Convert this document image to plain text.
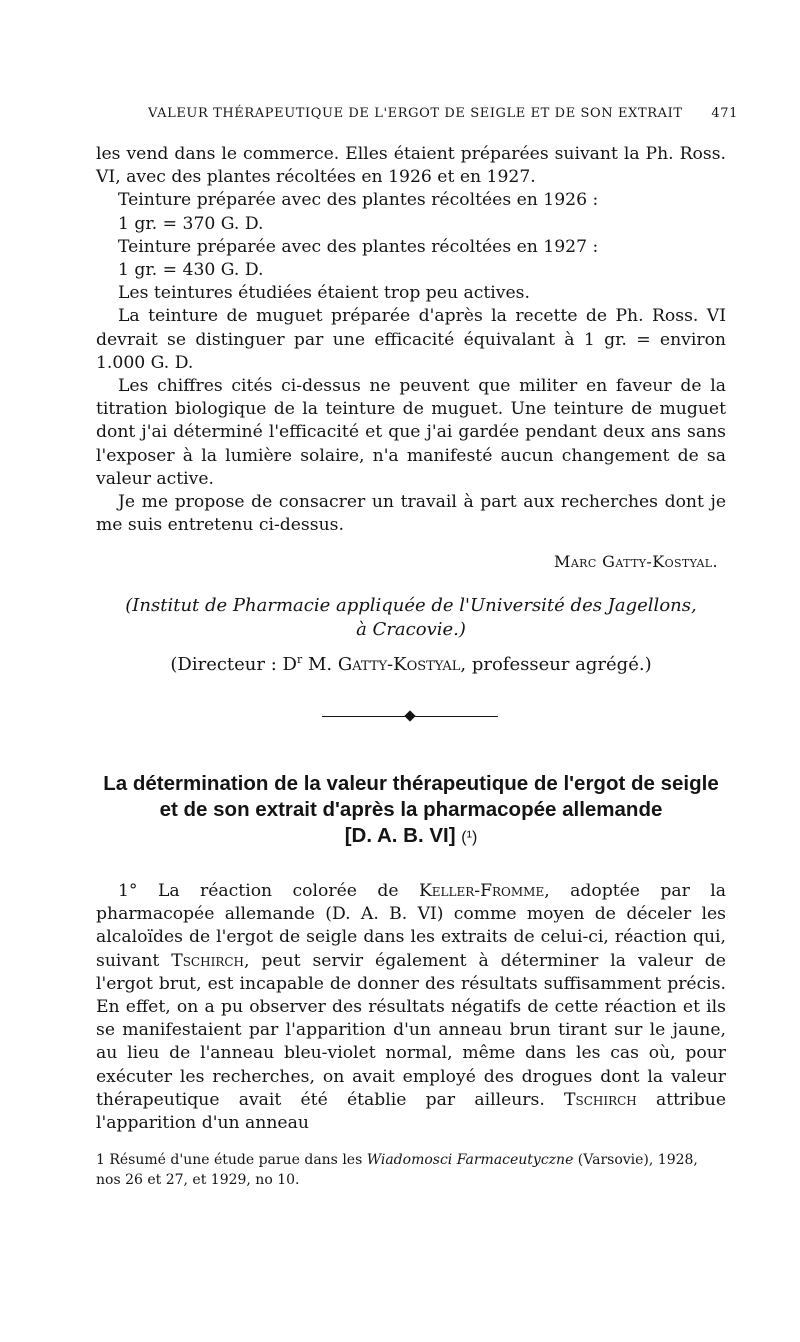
VALEUR THÉRAPEUTIQUE DE L'ERGOT DE SEIGLE ET DE SON EXTRAIT 471

les vend dans le commerce. Elles étaient préparées suivant la Ph. Ross. VI, avec des plantes récoltées en 1926 et en 1927.

Teinture préparée avec des plantes récoltées en 1926 :

1 gr. = 370 G. D.

Teinture préparée avec des plantes récoltées en 1927 :

1 gr. = 430 G. D.

Les teintures étudiées étaient trop peu actives.

La teinture de muguet préparée d'après la recette de Ph. Ross. VI devrait se distinguer par une efficacité équivalant à 1 gr. = environ 1.000 G. D.

Les chiffres cités ci-dessus ne peuvent que militer en faveur de la titration biologique de la teinture de muguet. Une teinture de muguet dont j'ai déterminé l'efficacité et que j'ai gardée pendant deux ans sans l'exposer à la lumière solaire, n'a manifesté aucun changement de sa valeur active.

Je me propose de consacrer un travail à part aux recherches dont je me suis entretenu ci-dessus.

Marc Gatty-Kostyal.
(Institut de Pharmacie appliquée de l'Université des Jagellons,
à Cracovie.)
(Directeur : $D^r$ M. Gatty-Kostyal, professeur agrégé.)
La détermination de la valeur thérapeutique de l'ergot de seigle
et de son extrait d'après la pharmacopée allemande
[D. A. B. VI] (¹)

1° La réaction colorée de Keller-Fromme, adoptée par la pharmacopée allemande (D. A. B. VI) comme moyen de déceler les alcaloïdes de l'ergot de seigle dans les extraits de celui-ci, réaction qui, suivant Tschirch, peut servir également à déterminer la valeur de l'ergot brut, est incapable de donner des résultats suffisamment précis. En effet, on a pu observer des résultats négatifs de cette réaction et ils se manifestaient par l'apparition d'un anneau brun tirant sur le jaune, au lieu de l'anneau bleu-violet normal, même dans les cas où, pour exécuter les recherches, on avait employé des drogues dont la valeur thérapeutique avait été établie par ailleurs. Tschirch attribue l'apparition d'un anneau

1 Résumé d'une étude parue dans les Wiadomosci Farmaceutyczne (Varsovie), 1928, nos 26 et 27, et 1929, no 10.
